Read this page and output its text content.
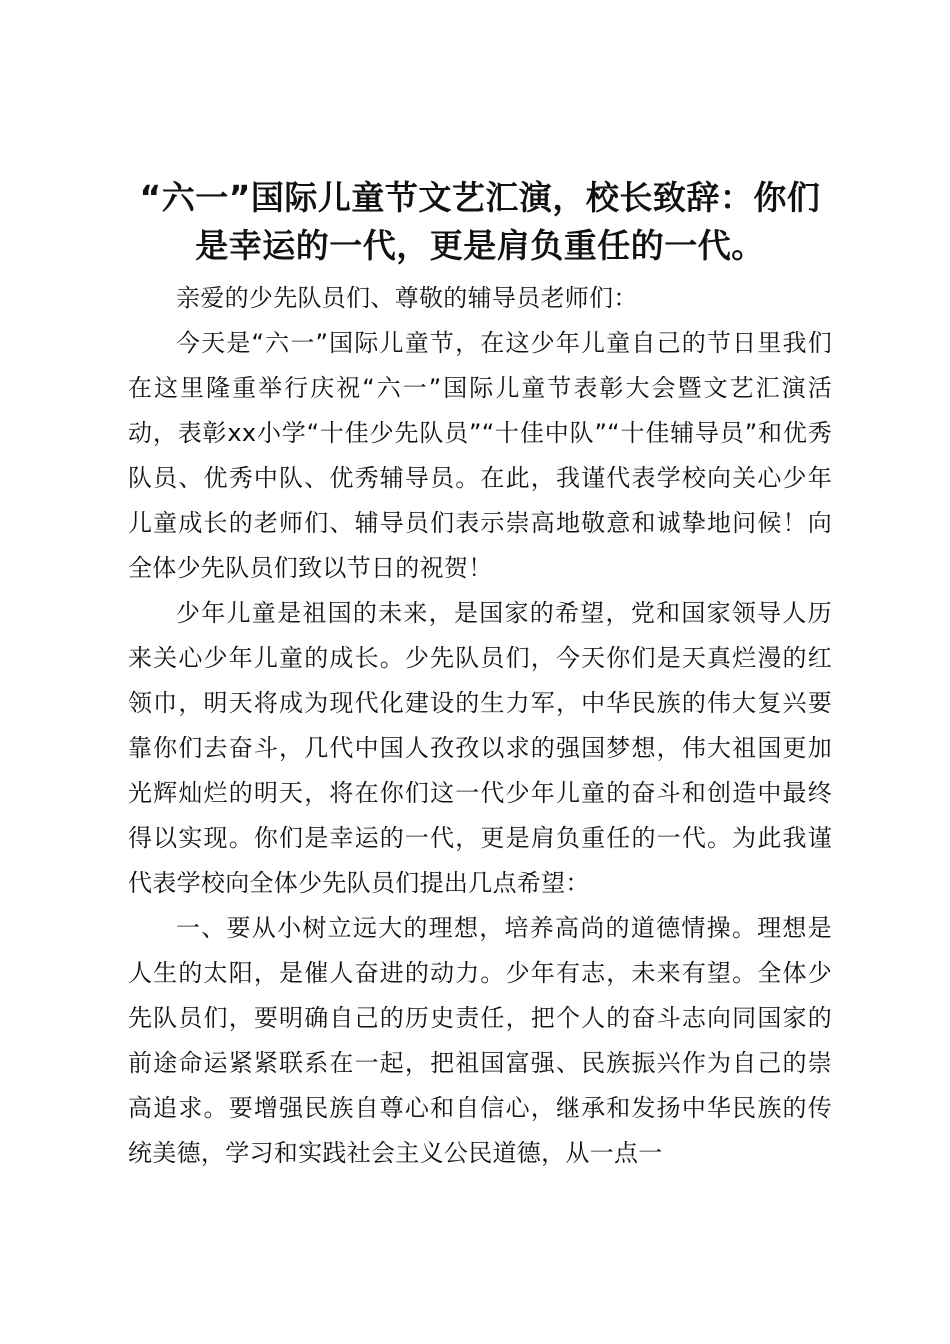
“六一”国际儿童节文艺汇演，校长致辞：你们是幸运的一代，更是肩负重任的一代。

亲爱的少先队员们、尊敬的辅导员老师们：

今天是“六一”国际儿童节，在这少年儿童自己的节日里我们在这里隆重举行庆祝“六一”国际儿童节表彰大会暨文艺汇演活动，表彰xx小学“十佳少先队员”“十佳中队”“十佳辅导员”和优秀队员、优秀中队、优秀辅导员。在此，我谨代表学校向关心少年儿童成长的老师们、辅导员们表示崇高地敬意和诚挚地问候！向全体少先队员们致以节日的祝贺！

少年儿童是祖国的未来，是国家的希望，党和国家领导人历来关心少年儿童的成长。少先队员们，今天你们是天真烂漫的红领巾，明天将成为现代化建设的生力军，中华民族的伟大复兴要靠你们去奋斗，几代中国人孜孜以求的强国梦想，伟大祖国更加光辉灿烂的明天，将在你们这一代少年儿童的奋斗和创造中最终得以实现。你们是幸运的一代，更是肩负重任的一代。为此我谨代表学校向全体少先队员们提出几点希望：

一、要从小树立远大的理想，培养高尚的道德情操。理想是人生的太阳，是催人奋进的动力。少年有志，未来有望。全体少先队员们，要明确自己的历史责任，把个人的奋斗志向同国家的前途命运紧紧联系在一起，把祖国富强、民族振兴作为自己的崇高追求。要增强民族自尊心和自信心，继承和发扬中华民族的传统美德，学习和实践社会主义公民道德，从一点一
